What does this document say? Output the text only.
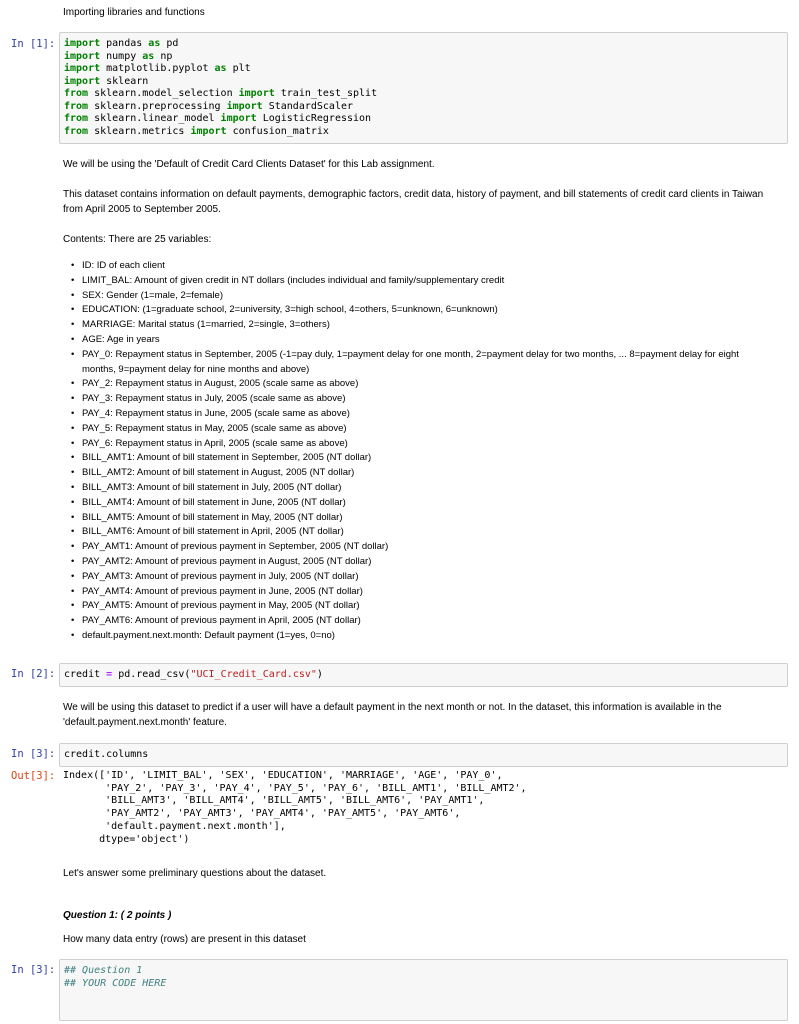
Importing libraries and functions
In [1]: import pandas as pd
import numpy as np
import matplotlib.pyplot as plt
import sklearn
from sklearn.model_selection import train_test_split
from sklearn.preprocessing import StandardScaler
from sklearn.linear_model import LogisticRegression
from sklearn.metrics import confusion_matrix
We will be using the 'Default of Credit Card Clients Dataset' for this Lab assignment.
This dataset contains information on default payments, demographic factors, credit data, history of payment, and bill statements of credit card clients in Taiwan from April 2005 to September 2005.
Contents: There are 25 variables:
• ID: ID of each client
• LIMIT_BAL: Amount of given credit in NT dollars (includes individual and family/supplementary credit
• SEX: Gender (1=male, 2=female)
• EDUCATION: (1=graduate school, 2=university, 3=high school, 4=others, 5=unknown, 6=unknown)
• MARRIAGE: Marital status (1=married, 2=single, 3=others)
• AGE: Age in years
• PAY_0: Repayment status in September, 2005 (-1=pay duly, 1=payment delay for one month, 2=payment delay for two months, ... 8=payment delay for eight months, 9=payment delay for nine months and above)
• PAY_2: Repayment status in August, 2005 (scale same as above)
• PAY_3: Repayment status in July, 2005 (scale same as above)
• PAY_4: Repayment status in June, 2005 (scale same as above)
• PAY_5: Repayment status in May, 2005 (scale same as above)
• PAY_6: Repayment status in April, 2005 (scale same as above)
• BILL_AMT1: Amount of bill statement in September, 2005 (NT dollar)
• BILL_AMT2: Amount of bill statement in August, 2005 (NT dollar)
• BILL_AMT3: Amount of bill statement in July, 2005 (NT dollar)
• BILL_AMT4: Amount of bill statement in June, 2005 (NT dollar)
• BILL_AMT5: Amount of bill statement in May, 2005 (NT dollar)
• BILL_AMT6: Amount of bill statement in April, 2005 (NT dollar)
• PAY_AMT1: Amount of previous payment in September, 2005 (NT dollar)
• PAY_AMT2: Amount of previous payment in August, 2005 (NT dollar)
• PAY_AMT3: Amount of previous payment in July, 2005 (NT dollar)
• PAY_AMT4: Amount of previous payment in June, 2005 (NT dollar)
• PAY_AMT5: Amount of previous payment in May, 2005 (NT dollar)
• PAY_AMT6: Amount of previous payment in April, 2005 (NT dollar)
• default.payment.next.month: Default payment (1=yes, 0=no)
In [2]: credit = pd.read_csv("UCI_Credit_Card.csv")
We will be using this dataset to predict if a user will have a default payment in the next month or not. In the dataset, this information is available in the 'default.payment.next.month' feature.
In [3]: credit.columns
Out[3]: Index(['ID', 'LIMIT_BAL', 'SEX', 'EDUCATION', 'MARRIAGE', 'AGE', 'PAY_0',
'PAY_2', 'PAY_3', 'PAY_4', 'PAY_5', 'PAY_6', 'BILL_AMT1', 'BILL_AMT2',
'BILL_AMT3', 'BILL_AMT4', 'BILL_AMT5', 'BILL_AMT6', 'PAY_AMT1',
'PAY_AMT2', 'PAY_AMT3', 'PAY_AMT4', 'PAY_AMT5', 'PAY_AMT6',
'default.payment.next.month'],
dtype='object')
Let's answer some preliminary questions about the dataset.
Question 1: ( 2 points )
How many data entry (rows) are present in this dataset
In [3]: ## Question 1
## YOUR CODE HERE
